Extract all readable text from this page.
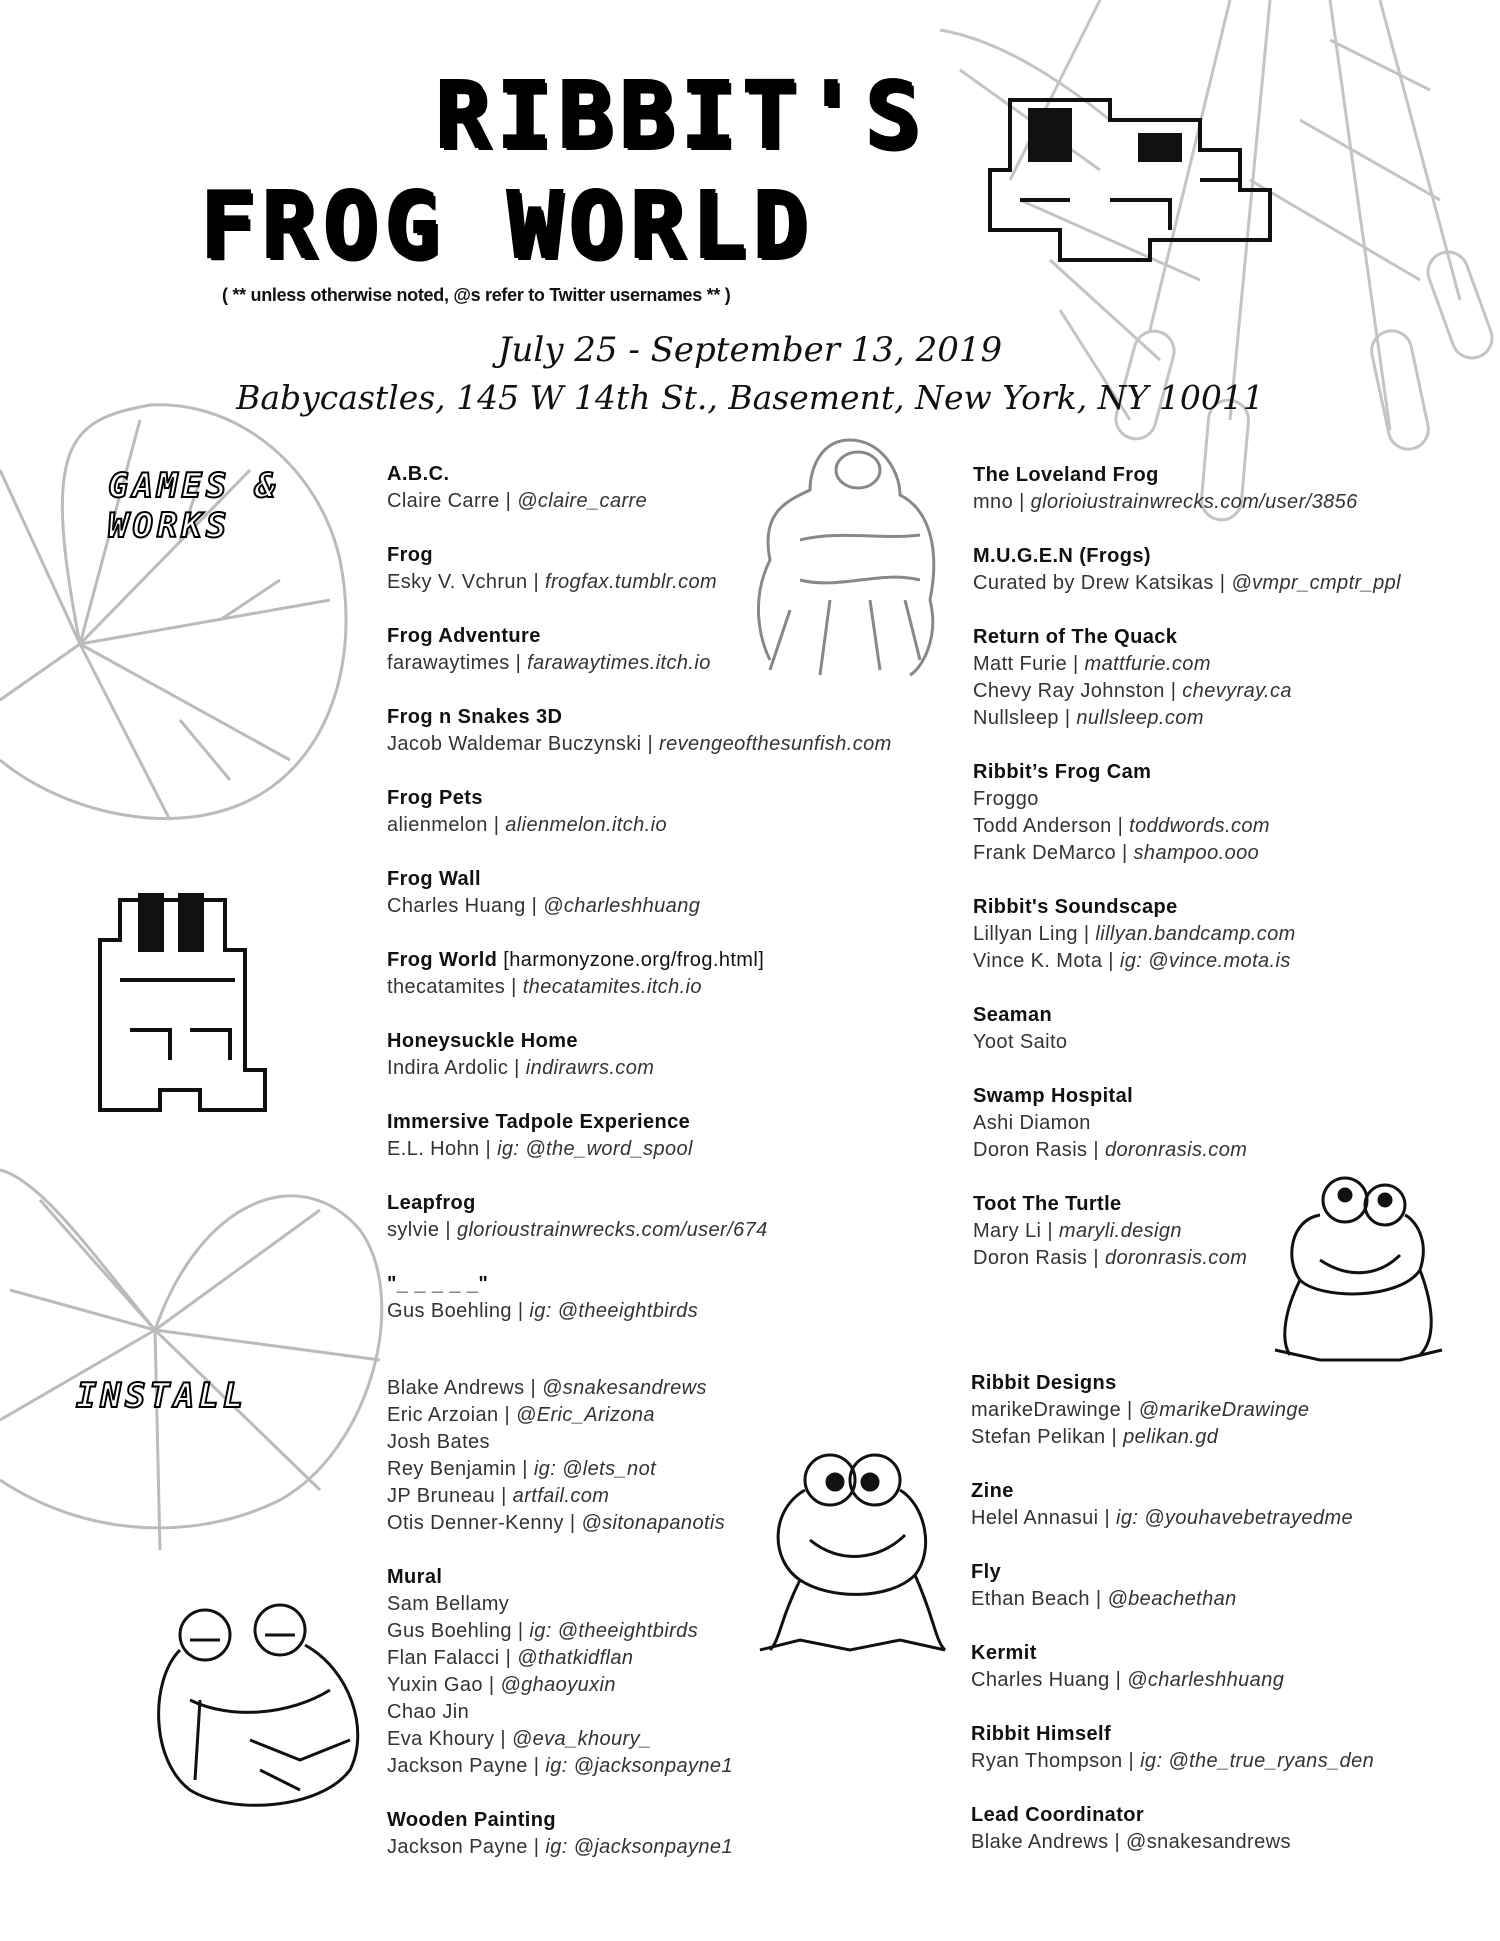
RIBBIT'S
FROG WORLD
( ** unless otherwise noted, @s refer to Twitter usernames ** )
July 25 - September 13, 2019
Babycastles, 145 W 14th St., Basement, New York, NY 10011
GAMES & WORKS
INSTALL
A.B.C.
Claire Carre | @claire_carre
Frog
Esky V. Vchrun | frogfax.tumblr.com
Frog Adventure
farawaytimes | farawaytimes.itch.io
Frog n Snakes 3D
Jacob Waldemar Buczynski | revengeofthesunfish.com
Frog Pets
alienmelon | alienmelon.itch.io
Frog Wall
Charles Huang | @charleshhuang
Frog World [harmonyzone.org/frog.html]
thecatamites | thecatamites.itch.io
Honeysuckle Home
Indira Ardolic | indirawrs.com
Immersive Tadpole Experience
E.L. Hohn | ig: @the_word_spool
Leapfrog
sylvie | glorioustrainwrecks.com/user/674
"_ _ _ _ _"
Gus Boehling | ig: @theeightbirds
Blake Andrews | @snakesandrews
Eric Arzoian | @Eric_Arizona
Josh Bates
Rey Benjamin | ig: @lets_not
JP Bruneau | artfail.com
Otis Denner-Kenny | @sitonapanotis
Mural
Sam Bellamy
Gus Boehling | ig: @theeightbirds
Flan Falacci | @thatkidflan
Yuxin Gao | @ghaoyuxin
Chao Jin
Eva Khoury | @eva_khoury_
Jackson Payne | ig: @jacksonpayne1
Wooden Painting
Jackson Payne | ig: @jacksonpayne1
The Loveland Frog
mno | glorioiustrainwrecks.com/user/3856
M.U.G.E.N (Frogs)
Curated by Drew Katsikas | @vmpr_cmptr_ppl
Return of The Quack
Matt Furie | mattfurie.com
Chevy Ray Johnston | chevyray.ca
Nullsleep | nullsleep.com
Ribbit’s Frog Cam
Froggo
Todd Anderson | toddwords.com
Frank DeMarco | shampoo.ooo
Ribbit's Soundscape
Lillyan Ling | lillyan.bandcamp.com
Vince K. Mota | ig: @vince.mota.is
Seaman
Yoot Saito
Swamp Hospital
Ashi Diamon
Doron Rasis | doronrasis.com
Toot The Turtle
Mary Li | maryli.design
Doron Rasis | doronrasis.com
Ribbit Designs
marikeDrawinge | @marikeDrawinge
Stefan Pelikan | pelikan.gd
Zine
Helel Annasui | ig: @youhavebetrayedme
Fly
Ethan Beach | @beachethan
Kermit
Charles Huang | @charleshhuang
Ribbit Himself
Ryan Thompson | ig: @the_true_ryans_den
Lead Coordinator
Blake Andrews | @snakesandrews
